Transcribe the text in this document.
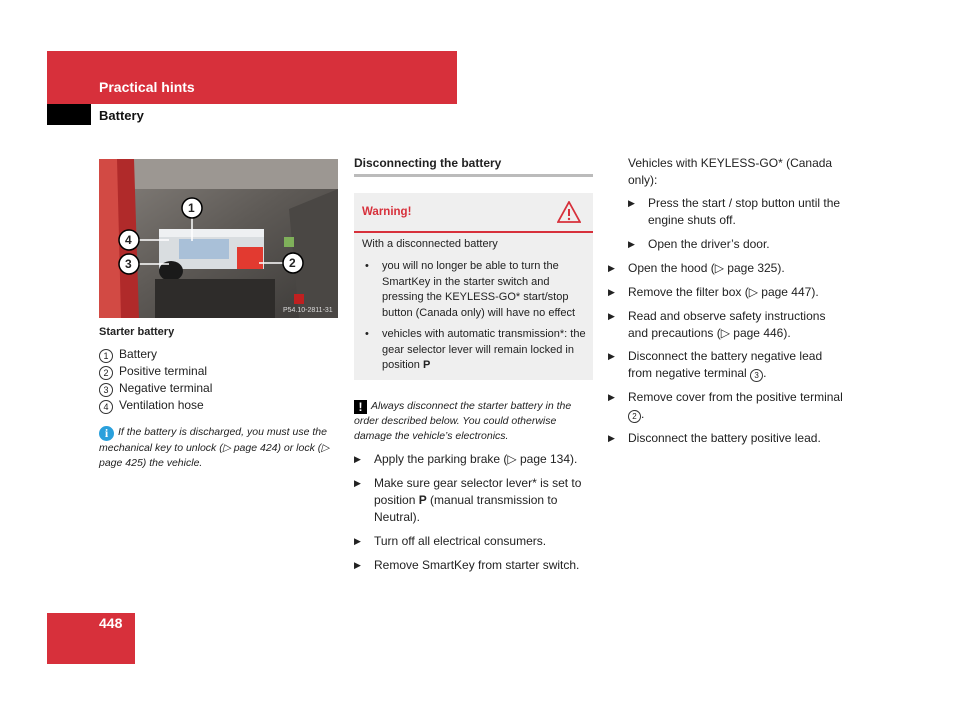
Practical hints
Battery
1
4
3	2
P54.10-2811-31
Starter battery
1 Battery
2 Positive terminal
3 Negative terminal
4 Ventilation hose
i If the battery is discharged, you must use the mechanical key to unlock (▷ page 424) or lock (▷ page 425) the vehicle.
Disconnecting the battery
Warning!
With a disconnected battery
• you will no longer be able to turn the SmartKey in the starter switch and pressing the KEYLESS-GO* start/stop button (Canada only) will have no effect
• vehicles with automatic transmission*: the gear selector lever will remain locked in position P
! Always disconnect the starter battery in the order described below. You could otherwise damage the vehicle’s electronics.
▶ Apply the parking brake (▷ page 134).
▶ Make sure gear selector lever* is set to position P (manual transmission to Neutral).
▶ Turn off all electrical consumers.
▶ Remove SmartKey from starter switch.
Vehicles with KEYLESS-GO* (Canada only):
▶ Press the start / stop button until the engine shuts off.
▶ Open the driver’s door.
▶ Open the hood (▷ page 325).
▶ Remove the filter box (▷ page 447).
▶ Read and observe safety instructions and precautions (▷ page 446).
▶ Disconnect the battery negative lead from negative terminal 3 .
▶ Remove cover from the positive terminal 2 .
▶ Disconnect the battery positive lead.
448
